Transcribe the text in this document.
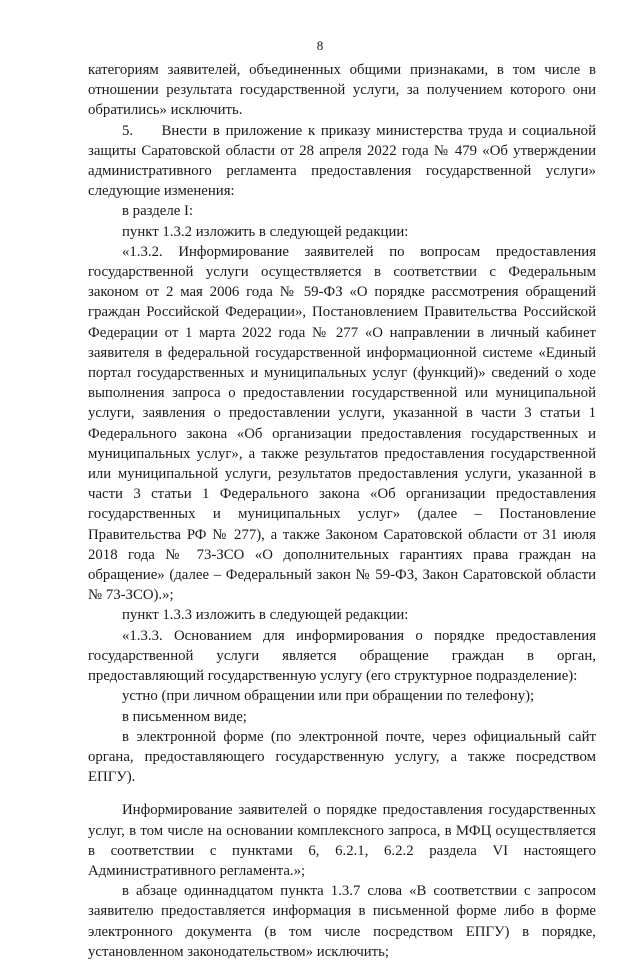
8

категориям заявителей, объединенных общими признаками, в том числе в отношении результата государственной услуги, за получением которого они обратились» исключить.

5.     Внести в приложение к приказу министерства труда и социальной защиты Саратовской области от 28 апреля 2022 года № 479 «Об утверждении административного регламента предоставления государственной услуги» следующие изменения:

в разделе I:

пункт 1.3.2 изложить в следующей редакции:

«1.3.2. Информирование заявителей по вопросам предоставления государственной услуги осуществляется в соответствии с Федеральным законом от 2 мая 2006 года № 59-ФЗ «О порядке рассмотрения обращений граждан Российской Федерации», Постановлением Правительства Российской Федерации от 1 марта 2022 года № 277 «О направлении в личный кабинет заявителя в федеральной государственной информационной системе «Единый портал государственных и муниципальных услуг (функций)» сведений о ходе выполнения запроса о предоставлении государственной или муниципальной услуги, заявления о предоставлении услуги, указанной в части 3 статьи 1 Федерального закона «Об организации предоставления государственных и муниципальных услуг», а также результатов предоставления государственной или муниципальной услуги, результатов предоставления услуги, указанной в части 3 статьи 1 Федерального закона «Об организации предоставления государственных и муниципальных услуг» (далее – Постановление Правительства РФ № 277), а также Законом Саратовской области от 31 июля 2018 года № 73-ЗСО «О дополнительных гарантиях права граждан на обращение» (далее – Федеральный закон № 59-ФЗ, Закон Саратовской области № 73-ЗСО).»;

пункт 1.3.3 изложить в следующей редакции:

«1.3.3. Основанием для информирования о порядке предоставления государственной услуги является обращение граждан в орган, предоставляющий государственную услугу (его структурное подразделение):

устно (при личном обращении или при обращении по телефону);

в письменном виде;

в электронной форме (по электронной почте, через официальный сайт органа, предоставляющего государственную услугу, а также посредством ЕПГУ).

Информирование заявителей о порядке предоставления государственных услуг, в том числе на основании комплексного запроса, в МФЦ осуществляется в соответствии с пунктами 6, 6.2.1, 6.2.2 раздела VI настоящего Административного регламента.»;

в абзаце одиннадцатом пункта 1.3.7 слова «В соответствии с запросом заявителю предоставляется информация в письменной форме либо в форме электронного документа (в том числе посредством ЕПГУ) в порядке, установленном законодательством» исключить;
